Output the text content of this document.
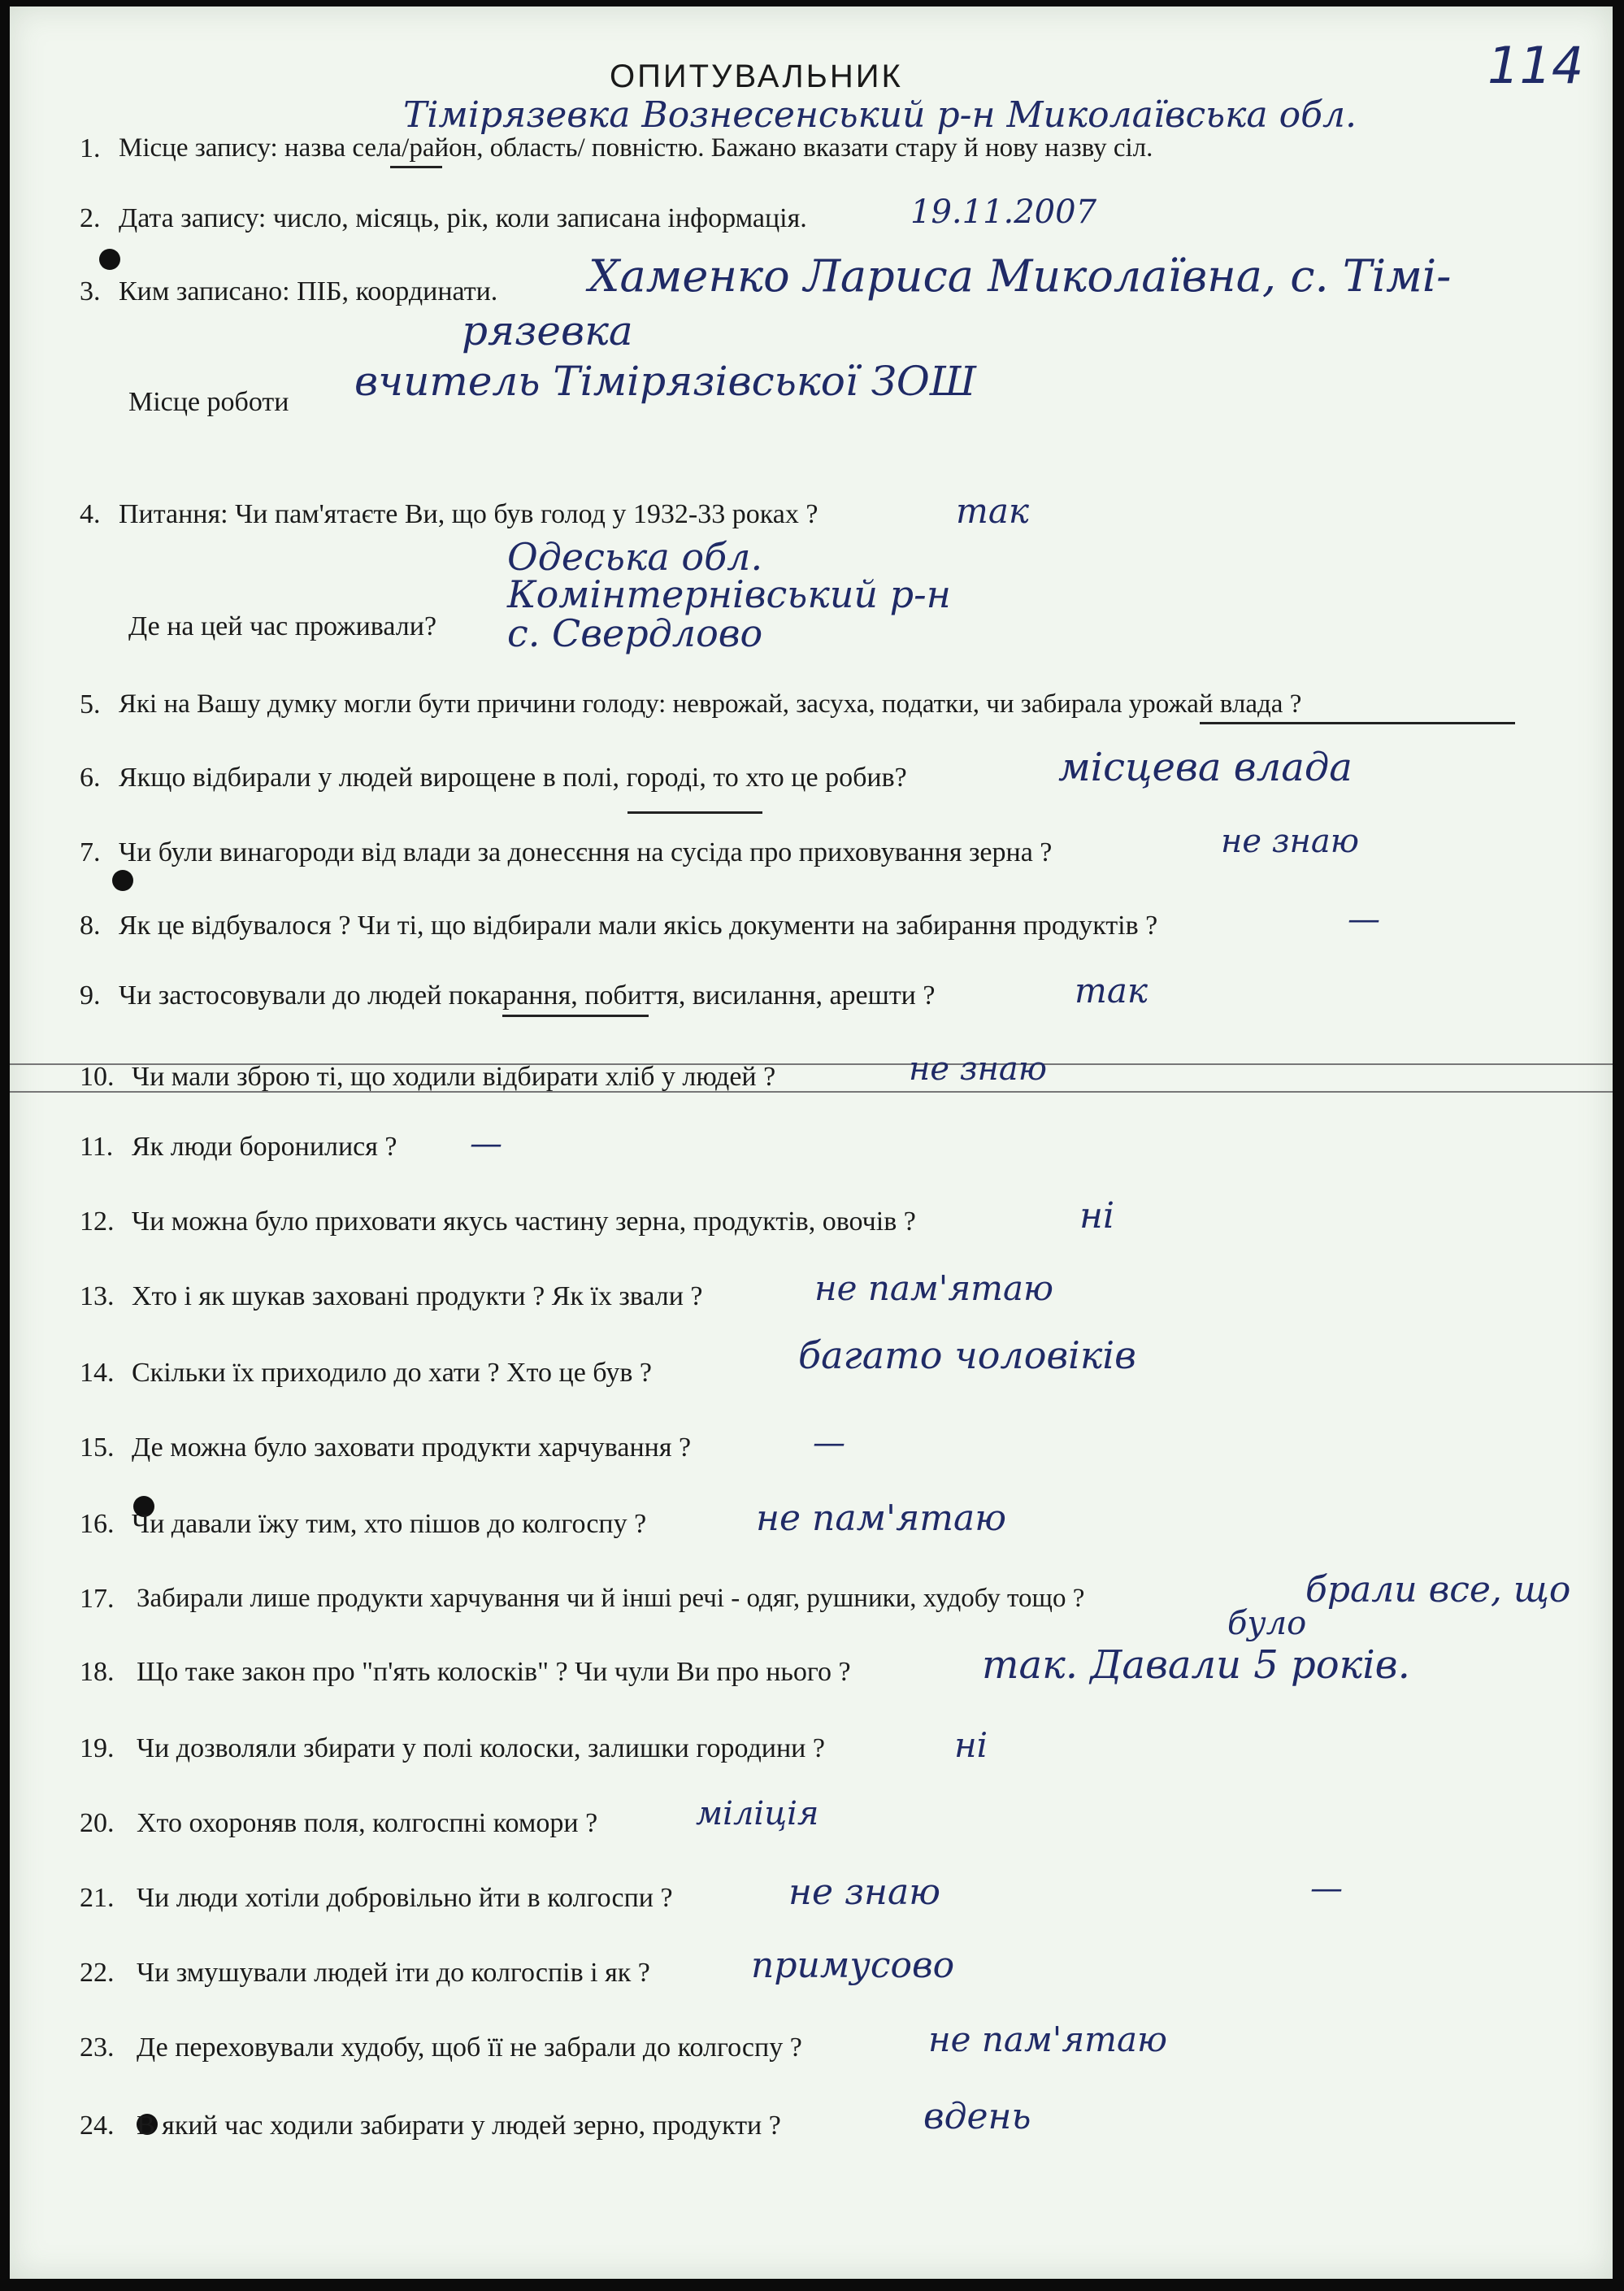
ОПИТУВАЛЬНИК	114
Тімірязевка Вознесенський р-н Миколаївська обл.
1. Місце запису: назва села/район, область/ повністю. Бажано вказати стару й нову назву сіл.
2. Дата запису: число, місяць, рік, коли записана інформація.	19.11.2007
3. Ким записано: ПІБ, координати. Хаменко Лариса Миколаївна, с. Тімі-
рязевка
Місце роботи вчитель Тімірязівської ЗОШ
4. Питання: Чи пам'ятаєте Ви, що був голод у 1932-33 роках ?	так
Одеська обл.
Комінтернівський р-н
с. Свердлово
Де на цей час проживали?
5. Які на Вашу думку могли бути причини голоду: неврожай, засуха, податки, чи забирала урожай влада ?
6. Якщо відбирали у людей вирощене в полі, городі, то хто це робив?	місцева влада
7. Чи були винагороди від влади за донесєння на сусіда про приховування зерна ?	не знаю
8. Як це відбувалося ? Чи ті, що відбирали мали якісь документи на забирання продуктів ?	—
9. Чи застосовували до людей покарання, побиття, висилання, арешти ?	так
10. Чи мали зброю ті, що ходили відбирати хліб у людей ?	не знаю
11. Як люди боронилися ? —
12. Чи можна було приховати якусь частину зерна, продуктів, овочів ?	ні
13. Хто і як шукав заховані продукти ? Як їх звали ?	не пам'ятаю
14. Скільки їх приходило до хати ? Хто це був ?	багато чоловіків
15. Де можна було заховати продукти харчування ?	—
16. Чи давали їжу тим, хто пішов до колгоспу ?	не пам'ятаю
17. Забирали лише продукти харчування чи й інші речі - одяг, рушники, худобу тощо ?	брали все, що
було
18. Що таке закон про "п'ять колосків" ? Чи чули Ви про нього ?	так. Давали 5 років.
19. Чи дозволяли збирати у полі колоски, залишки городини ?	ні
20. Хто охороняв поля, колгоспні комори ?	міліція
21. Чи люди хотіли добровільно йти в колгоспи ?	не знаю	—
22. Чи змушували людей іти до колгоспів і як ?	примусово
23. Де переховували худобу, щоб її не забрали до колгоспу ?	не пам'ятаю
24. В який час ходили забирати у людей зерно, продукти ?	вдень
